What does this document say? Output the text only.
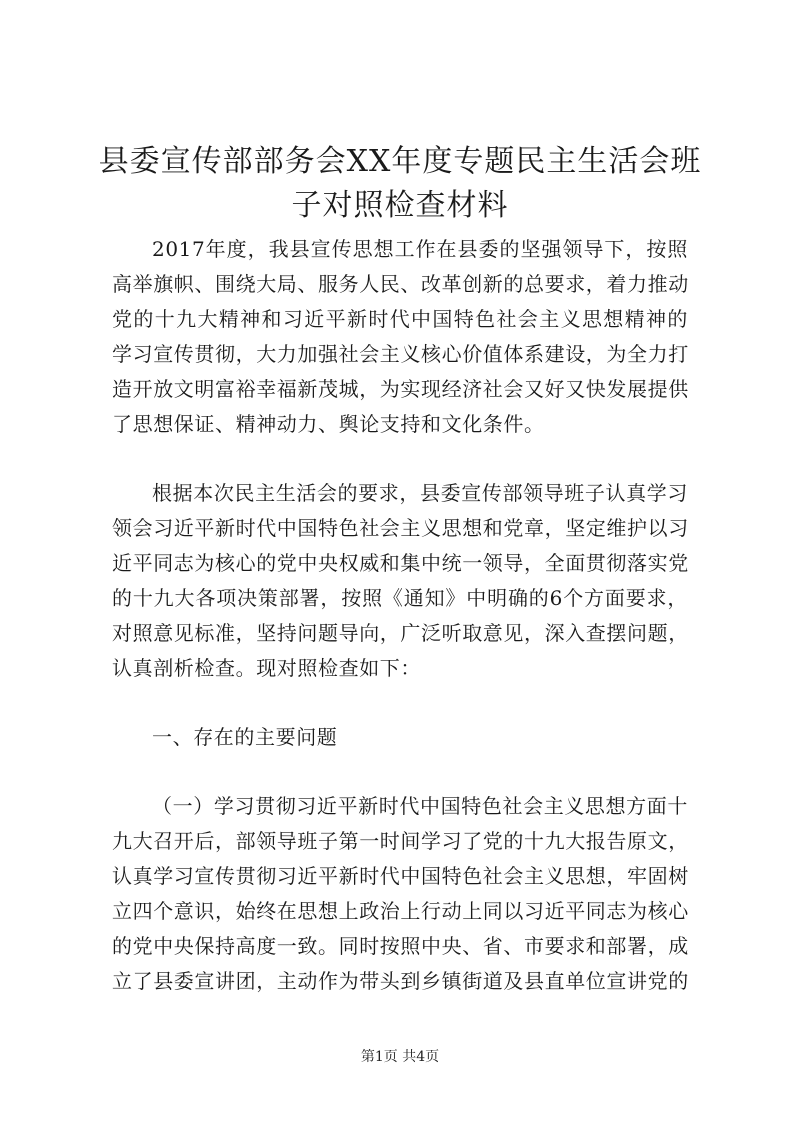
县委宣传部部务会XX年度专题民主生活会班
子对照检查材料
2017年度，我县宣传思想工作在县委的坚强领导下，按照
高举旗帜、围绕大局、服务人民、改革创新的总要求，着力推动
党的十九大精神和习近平新时代中国特色社会主义思想精神的
学习宣传贯彻，大力加强社会主义核心价值体系建设，为全力打
造开放文明富裕幸福新茂城，为实现经济社会又好又快发展提供
了思想保证、精神动力、舆论支持和文化条件。
根据本次民主生活会的要求，县委宣传部领导班子认真学习
领会习近平新时代中国特色社会主义思想和党章，坚定维护以习
近平同志为核心的党中央权威和集中统一领导，全面贯彻落实党
的十九大各项决策部署，按照《通知》中明确的6个方面要求，
对照意见标准，坚持问题导向，广泛听取意见，深入查摆问题，
认真剖析检查。现对照检查如下：
一、存在的主要问题
（一）学习贯彻习近平新时代中国特色社会主义思想方面十
九大召开后，部领导班子第一时间学习了党的十九大报告原文，
认真学习宣传贯彻习近平新时代中国特色社会主义思想，牢固树
立四个意识，始终在思想上政治上行动上同以习近平同志为核心
的党中央保持高度一致。同时按照中央、省、市要求和部署，成
立了县委宣讲团，主动作为带头到乡镇街道及县直单位宣讲党的
第1页 共4页
